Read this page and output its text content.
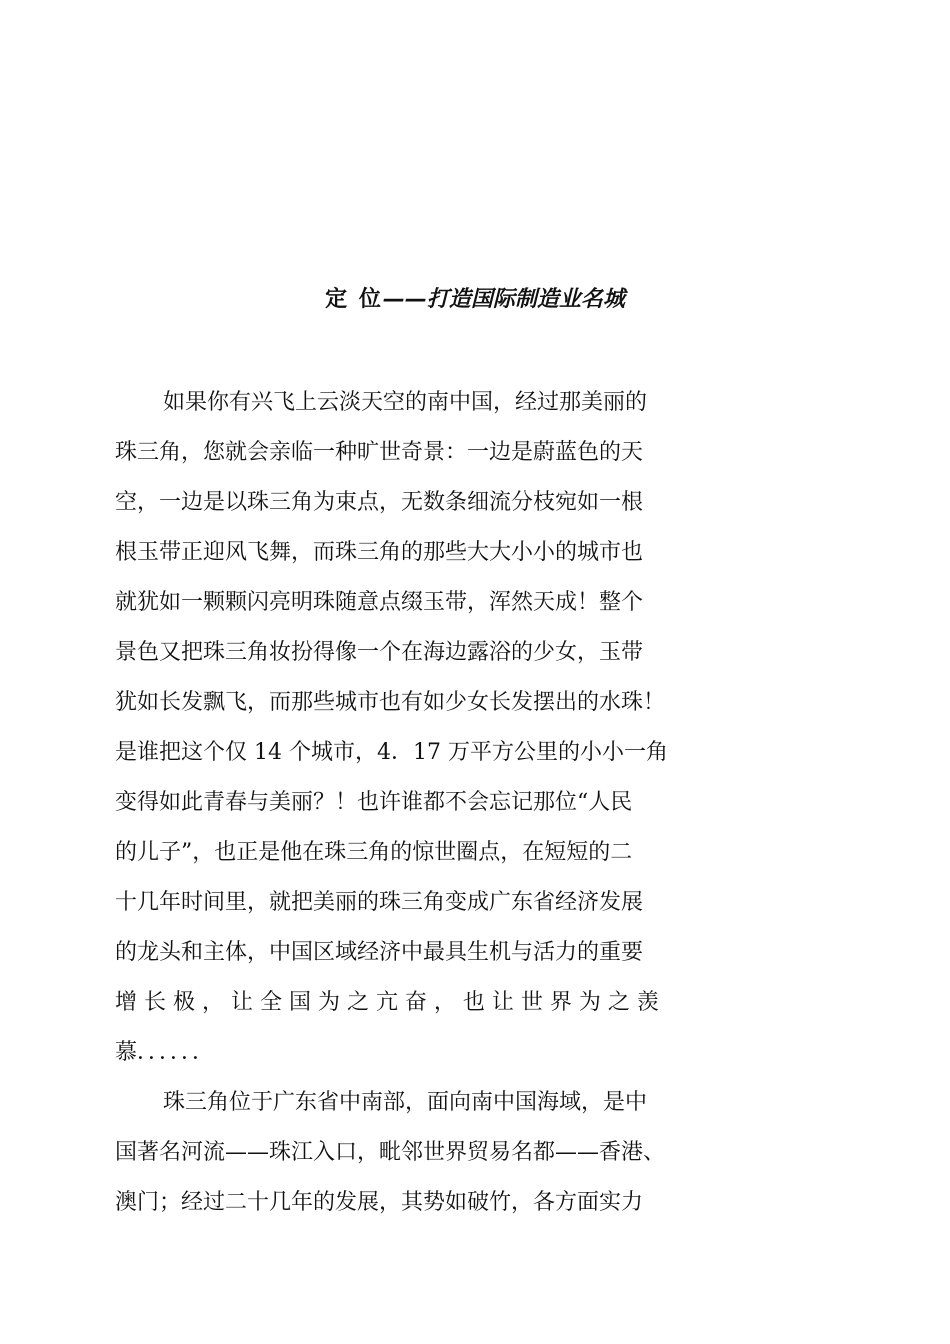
定 位——打造国际制造业名城
如果你有兴飞上云淡天空的南中国，经过那美丽的
珠三角，您就会亲临一种旷世奇景：一边是蔚蓝色的天
空，一边是以珠三角为束点，无数条细流分枝宛如一根
根玉带正迎风飞舞，而珠三角的那些大大小小的城市也
就犹如一颗颗闪亮明珠随意点缀玉带，浑然天成！整个
景色又把珠三角妆扮得像一个在海边露浴的少女，玉带
犹如长发飘飞，而那些城市也有如少女长发摆出的水珠！
是谁把这个仅 14 个城市，4．17 万平方公里的小小一角
变得如此青春与美丽？！也许谁都不会忘记那位“人民
的儿子”，也正是他在珠三角的惊世圈点，在短短的二
十几年时间里，就把美丽的珠三角变成广东省经济发展
的龙头和主体，中国区域经济中最具生机与活力的重要
增 长 极 ， 让 全 国 为 之 亢 奋 ， 也 让 世 界 为 之 羡
慕．．．．．．
珠三角位于广东省中南部，面向南中国海域，是中
国著名河流——珠江入口，毗邻世界贸易名都——香港、
澳门；经过二十几年的发展，其势如破竹，各方面实力
